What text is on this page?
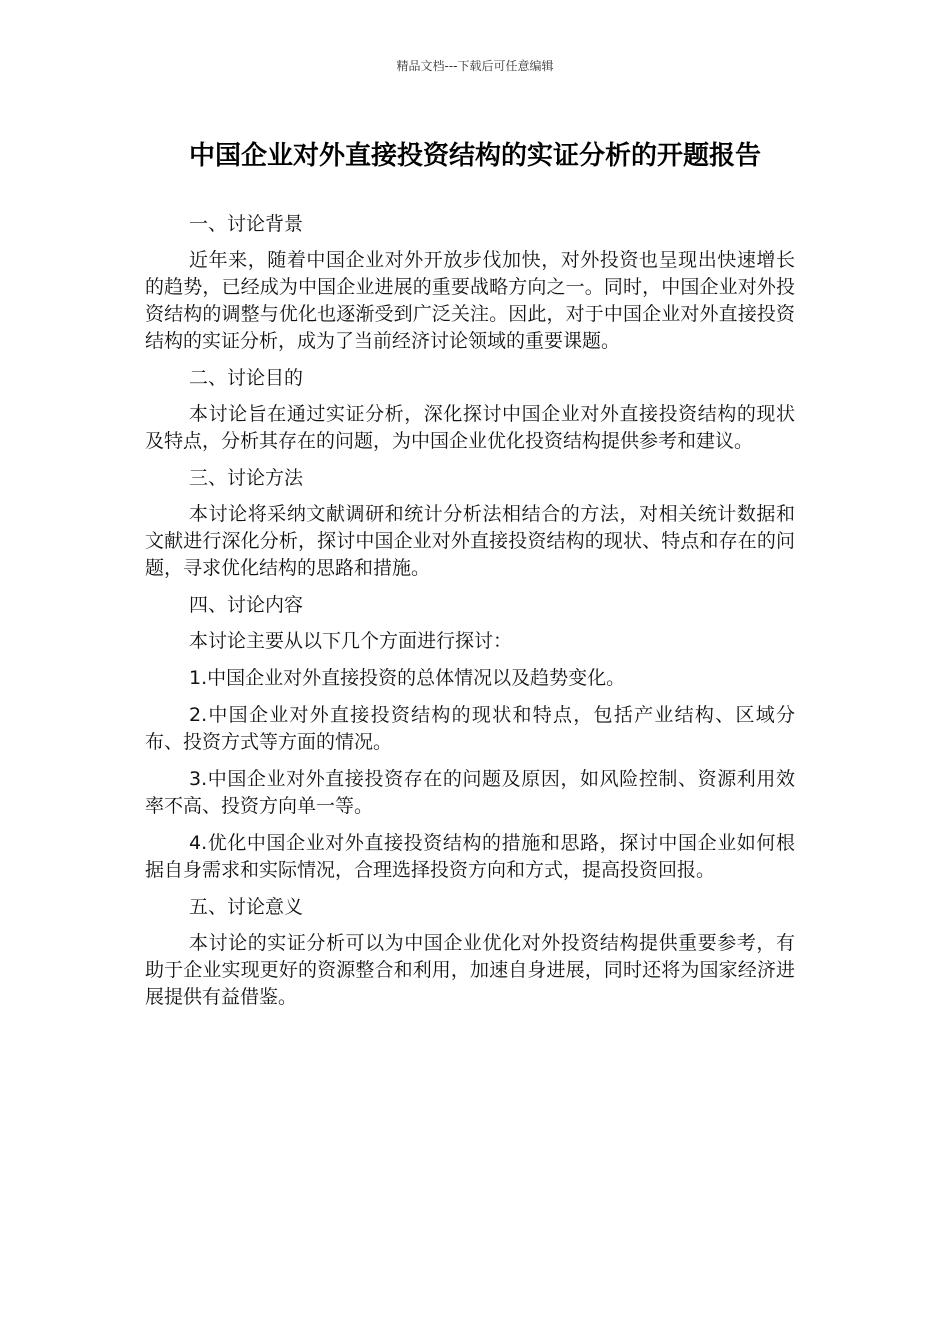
精品文档---下载后可任意编辑
中国企业对外直接投资结构的实证分析的开题报告

一、讨论背景

近年来，随着中国企业对外开放步伐加快，对外投资也呈现出快速增长的趋势，已经成为中国企业进展的重要战略方向之一。同时，中国企业对外投资结构的调整与优化也逐渐受到广泛关注。因此，对于中国企业对外直接投资结构的实证分析，成为了当前经济讨论领域的重要课题。

二、讨论目的

本讨论旨在通过实证分析，深化探讨中国企业对外直接投资结构的现状及特点，分析其存在的问题，为中国企业优化投资结构提供参考和建议。

三、讨论方法

本讨论将采纳文献调研和统计分析法相结合的方法，对相关统计数据和文献进行深化分析，探讨中国企业对外直接投资结构的现状、特点和存在的问题，寻求优化结构的思路和措施。

四、讨论内容

本讨论主要从以下几个方面进行探讨：

1.中国企业对外直接投资的总体情况以及趋势变化。

2.中国企业对外直接投资结构的现状和特点，包括产业结构、区域分布、投资方式等方面的情况。

3.中国企业对外直接投资存在的问题及原因，如风险控制、资源利用效率不高、投资方向单一等。

4.优化中国企业对外直接投资结构的措施和思路，探讨中国企业如何根据自身需求和实际情况，合理选择投资方向和方式，提高投资回报。

五、讨论意义

本讨论的实证分析可以为中国企业优化对外投资结构提供重要参考，有助于企业实现更好的资源整合和利用，加速自身进展，同时还将为国家经济进展提供有益借鉴。
